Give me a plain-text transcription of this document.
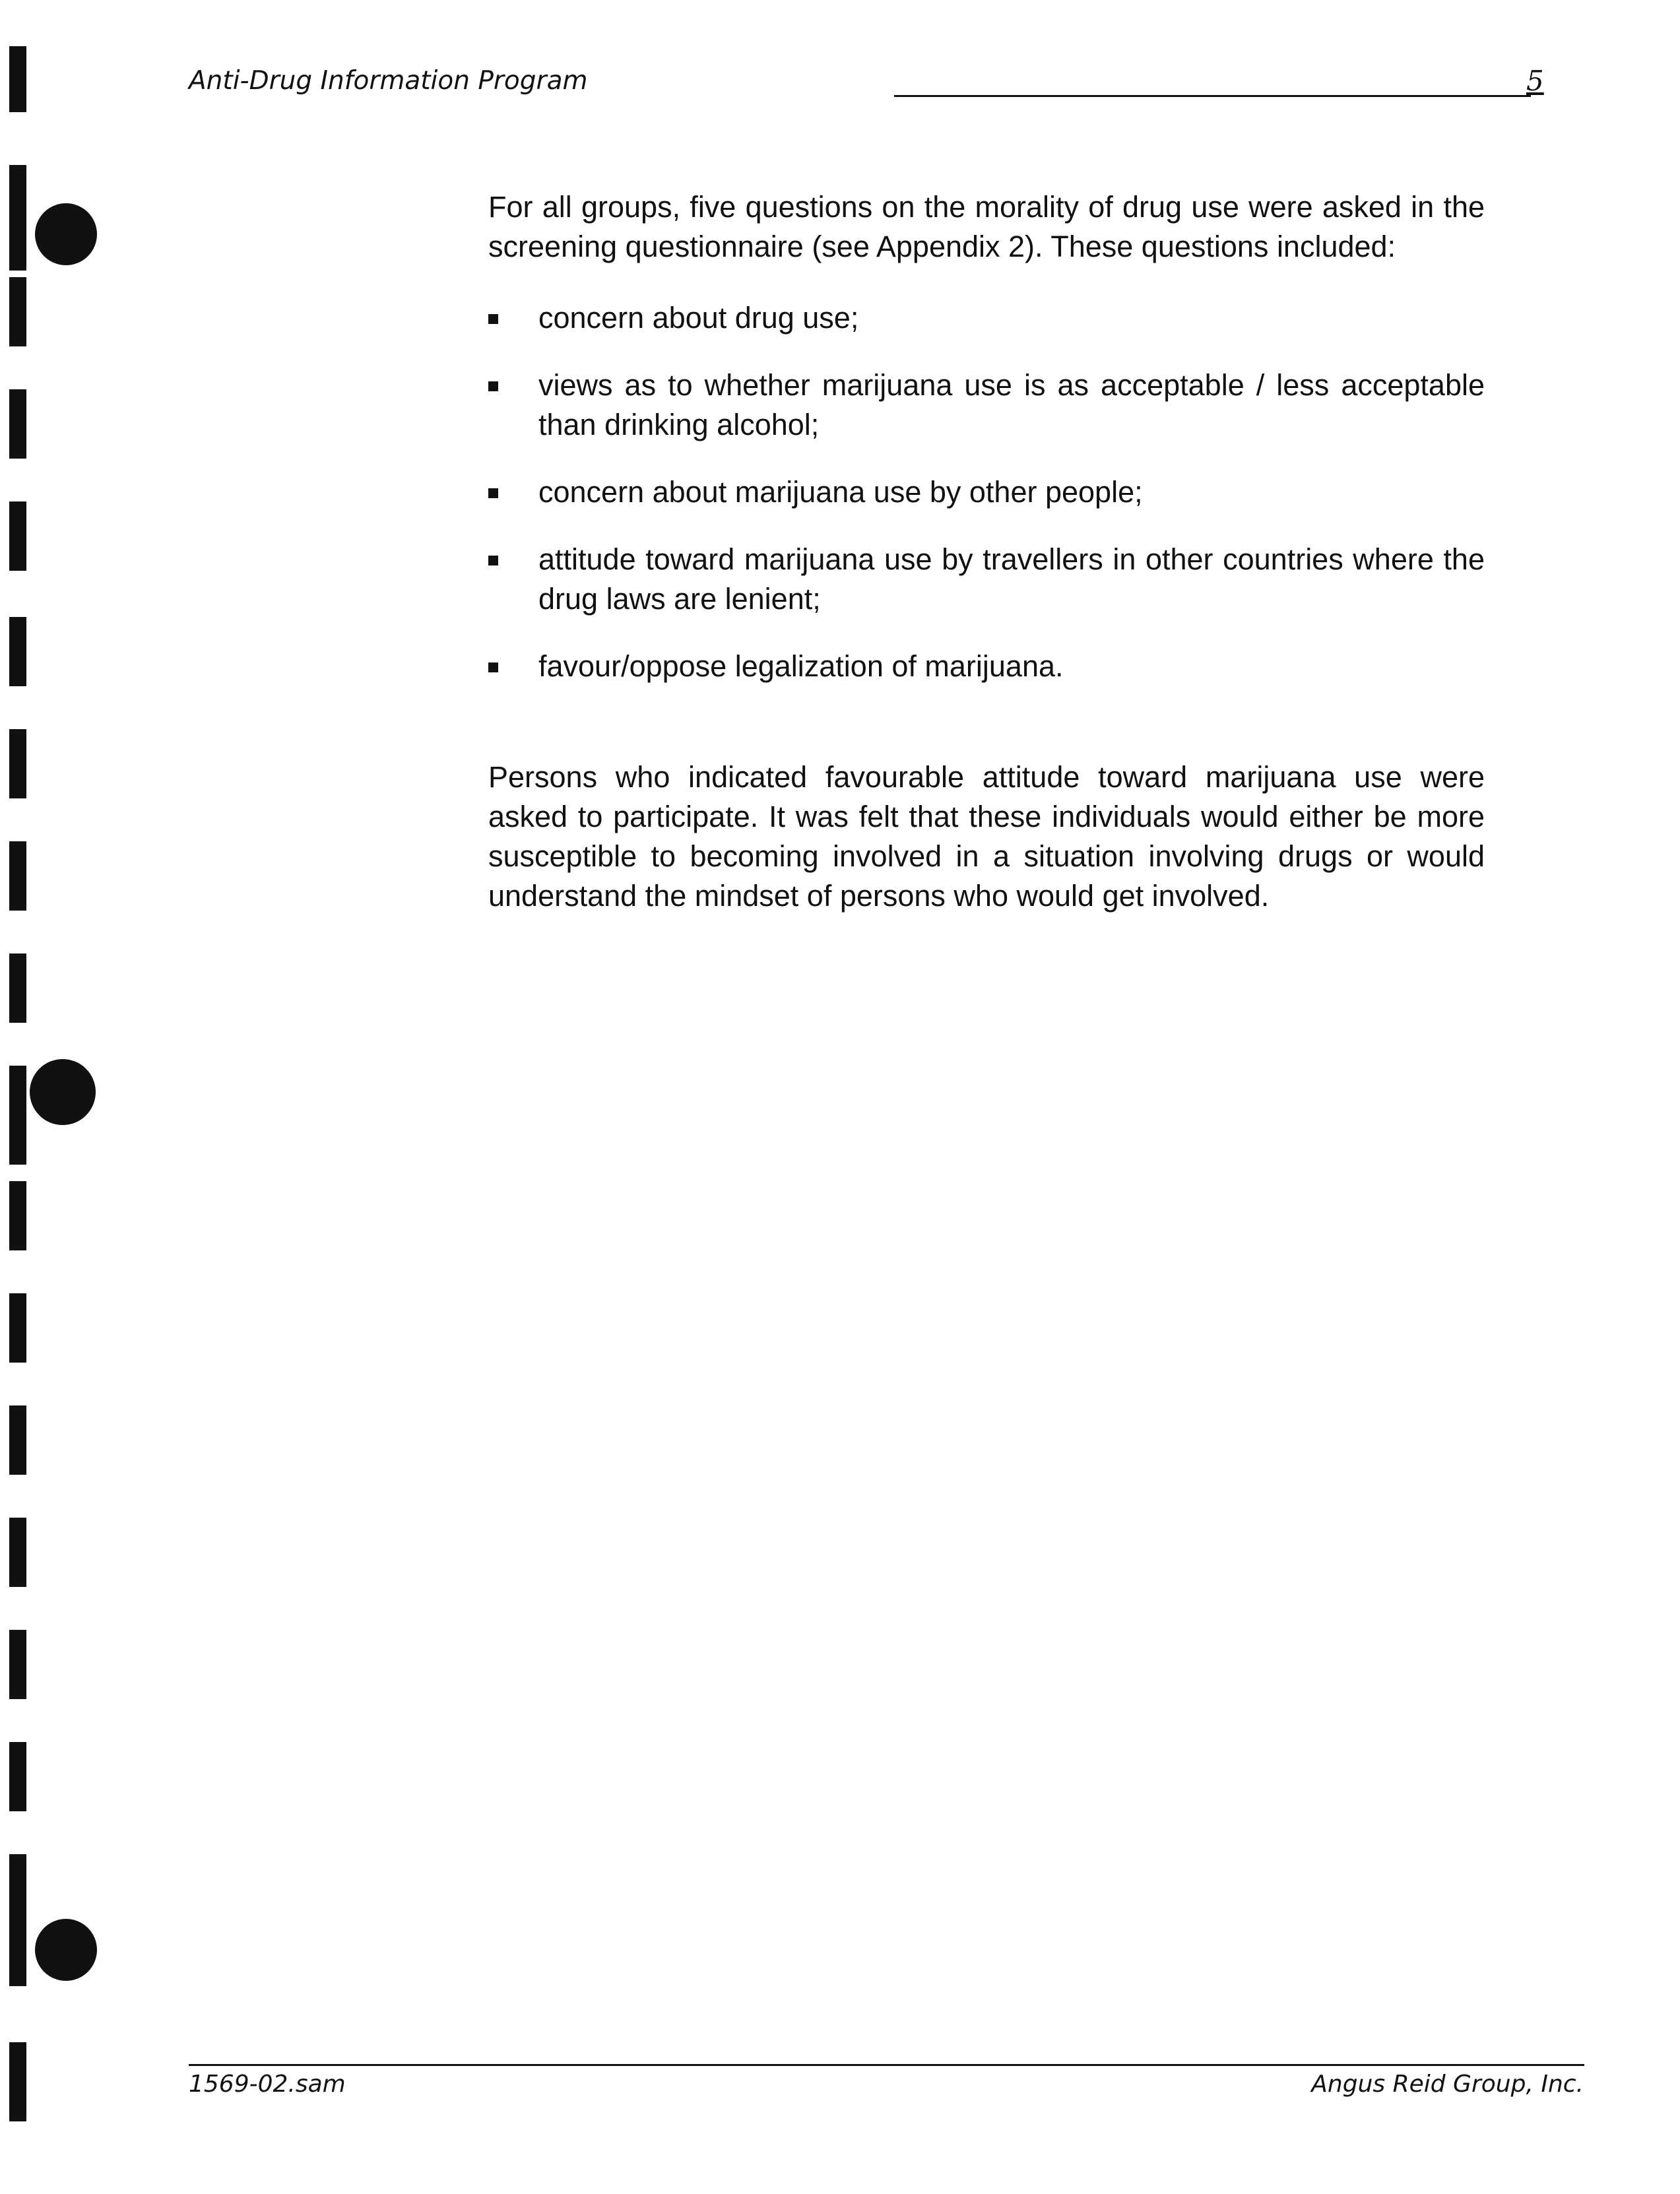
Anti-Drug Information Program	5

For all groups, five questions on the morality of drug use were asked in the screening questionnaire (see Appendix 2). These questions included:

concern about drug use;
views as to whether marijuana use is as acceptable / less acceptable than drinking alcohol;
concern about marijuana use by other people;
attitude toward marijuana use by travellers in other countries where the drug laws are lenient;
favour/oppose legalization of marijuana.

Persons who indicated favourable attitude toward marijuana use were asked to participate. It was felt that these individuals would either be more susceptible to becoming involved in a situation involving drugs or would understand the mindset of persons who would get involved.

1569-02.sam	Angus Reid Group, Inc.
